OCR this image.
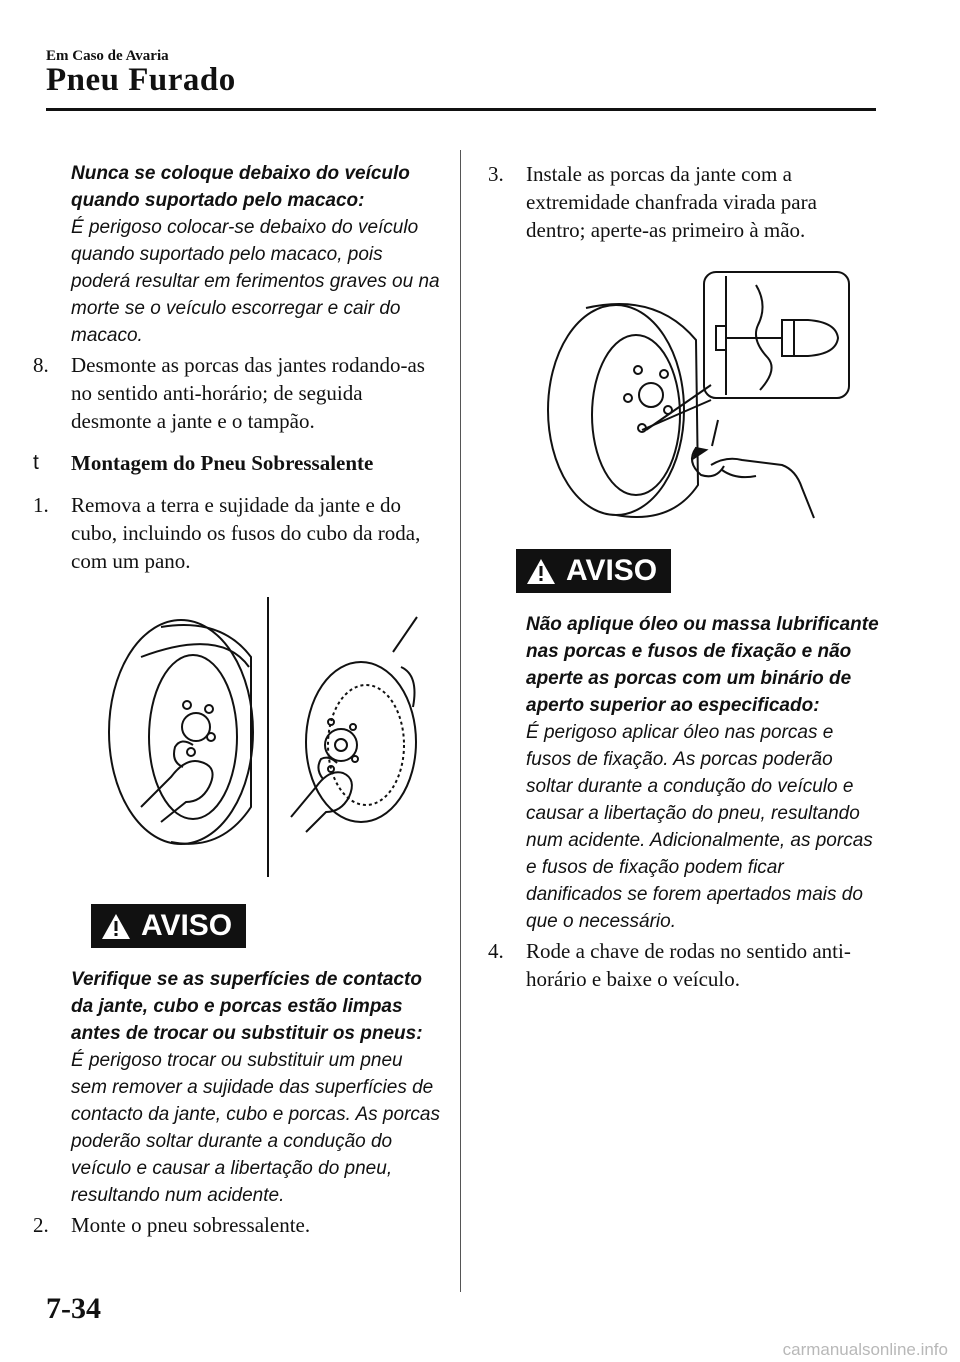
Em Caso de Avaria
Pneu Furado
Nunca se coloque debaixo do veículo quando suportado pelo macaco:
É perigoso colocar-se debaixo do veículo quando suportado pelo macaco, pois poderá resultar em ferimentos graves ou na morte se o veículo escorregar e cair do macaco.

8. Desmonte as porcas das jantes rodando-as no sentido anti-horário; de seguida desmonte a jante e o tampão.

t Montagem do Pneu Sobressalente

1. Remova a terra e sujidade da jante e do cubo, incluindo os fusos do cubo da roda, com um pano.

AVISO
Verifique se as superfícies de contacto da jante, cubo e porcas estão limpas antes de trocar ou substituir os pneus:
É perigoso trocar ou substituir um pneu sem remover a sujidade das superfícies de contacto da jante, cubo e porcas. As porcas poderão soltar durante a condução do veículo e causar a libertação do pneu, resultando num acidente.

2. Monte o pneu sobressalente.

3. Instale as porcas da jante com a extremidade chanfrada virada para dentro; aperte-as primeiro à mão.

AVISO
Não aplique óleo ou massa lubrificante nas porcas e fusos de fixação e não aperte as porcas com um binário de aperto superior ao especificado:
É perigoso aplicar óleo nas porcas e fusos de fixação. As porcas poderão soltar durante a condução do veículo e causar a libertação do pneu, resultando num acidente. Adicionalmente, as porcas e fusos de fixação podem ficar danificados se forem apertados mais do que o necessário.

4. Rode a chave de rodas no sentido anti-horário e baixe o veículo.

7-34
carmanualsonline.info
